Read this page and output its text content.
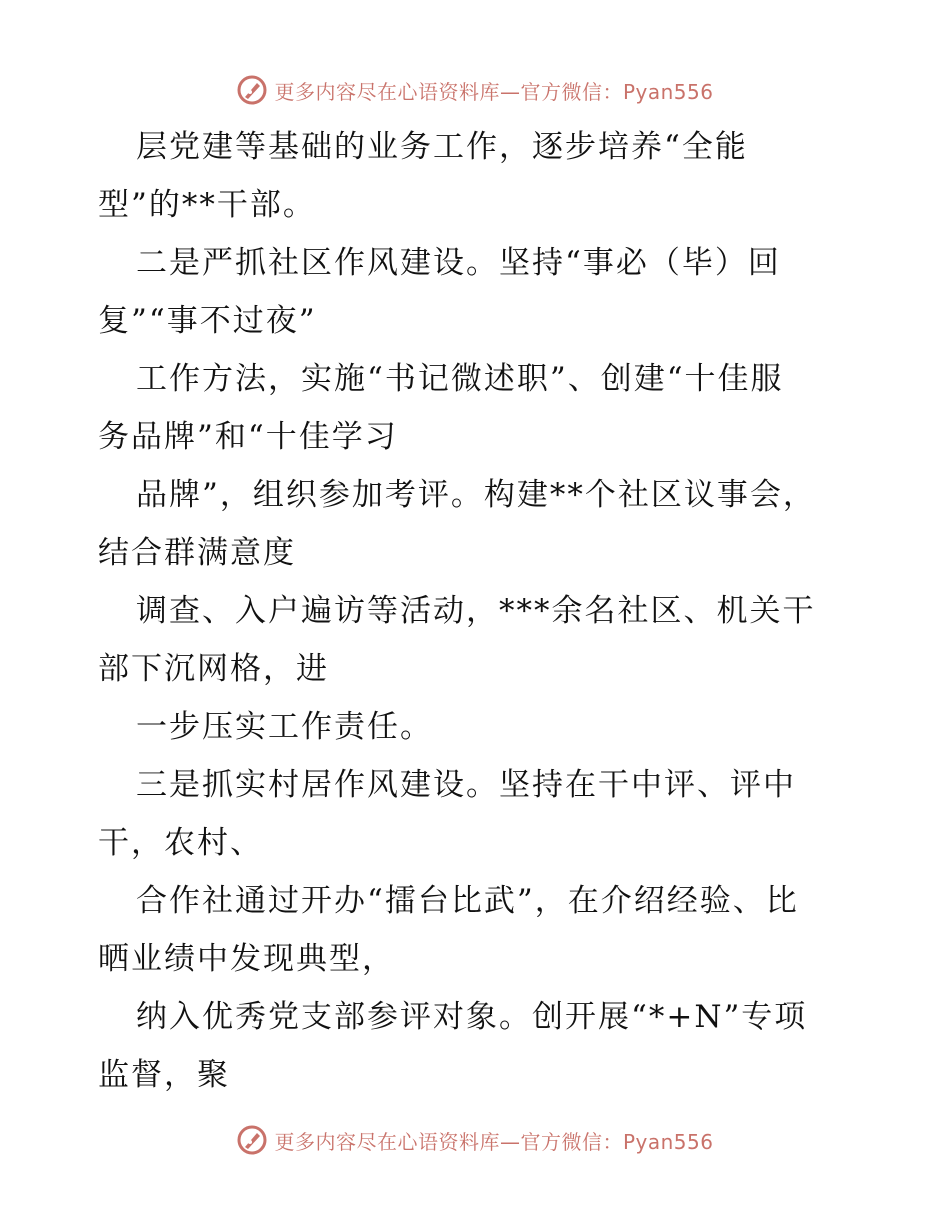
更多内容尽在心语资料库—官方微信：Pyan556
层党建等基础的业务工作，逐步培养“全能
型”的**干部。
二是严抓社区作风建设。坚持“事必（毕）回
复”“事不过夜”
工作方法，实施“书记微述职”、创建“十佳服
务品牌”和“十佳学习
品牌”，组织参加考评。构建**个社区议事会，
结合群满意度
调查、入户遍访等活动，***余名社区、机关干
部下沉网格，进
一步压实工作责任。
三是抓实村居作风建设。坚持在干中评、评中
干，农村、
合作社通过开办“擂台比武”，在介绍经验、比
晒业绩中发现典型，
纳入优秀党支部参评对象。创开展“*+N”专项
监督，聚
更多内容尽在心语资料库—官方微信：Pyan556
